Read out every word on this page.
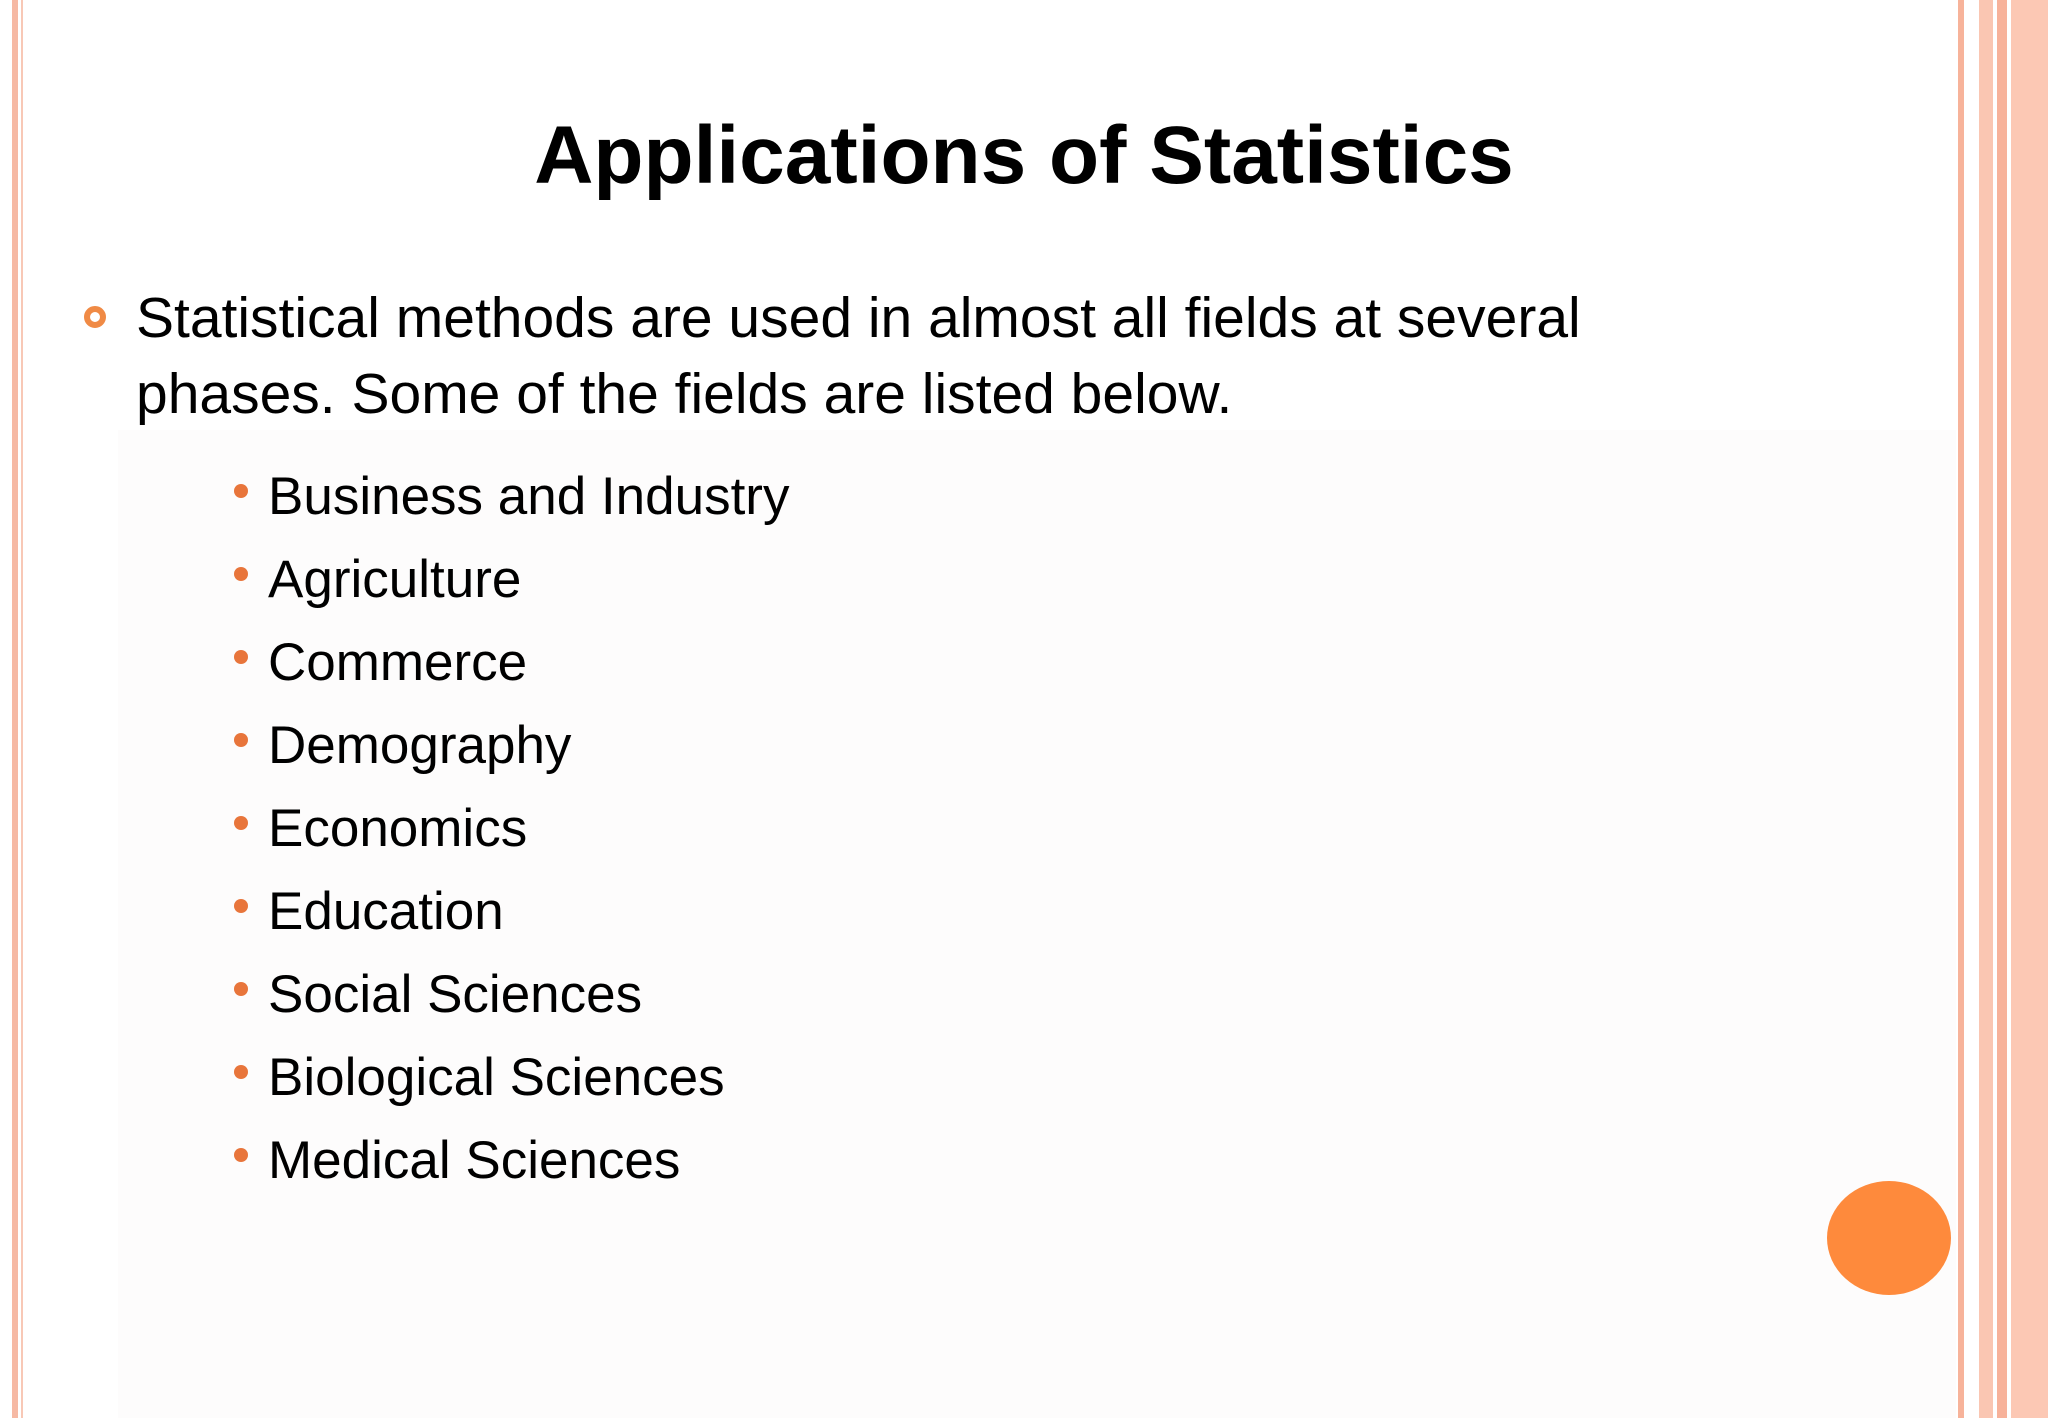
Applications of Statistics
Statistical methods are used in almost all fields at several
phases. Some of the fields are listed below.
Business and Industry
Agriculture
Commerce
Demography
Economics
Education
Social Sciences
Biological Sciences
Medical Sciences
